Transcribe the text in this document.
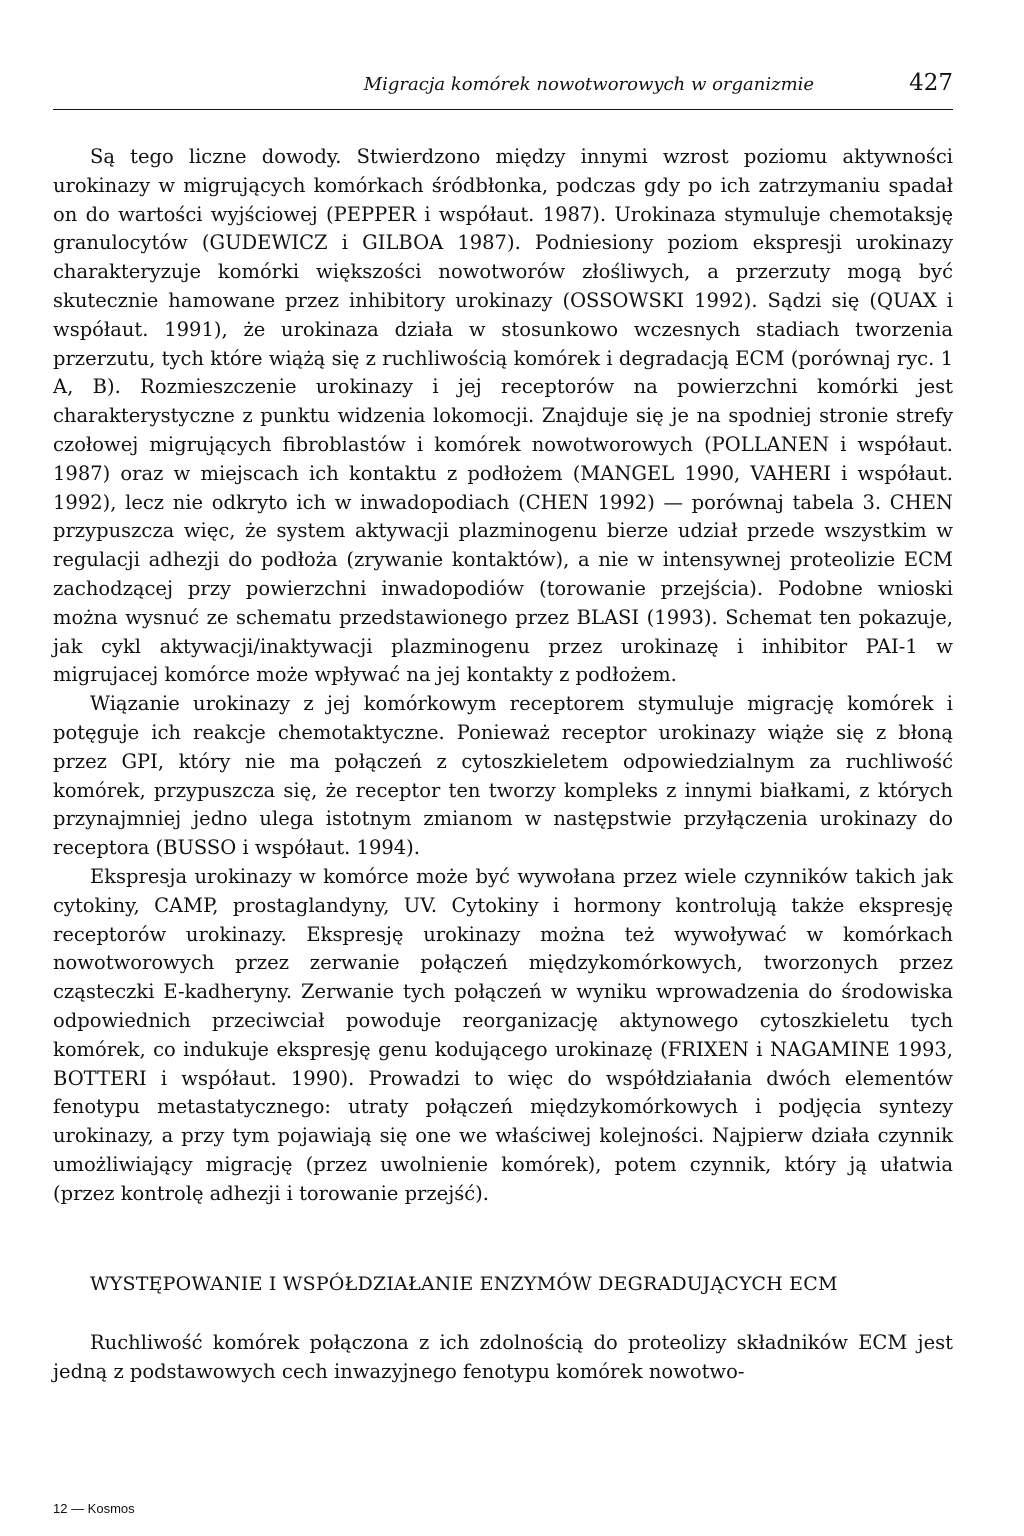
Migracja komórek nowotworowych w organizmie	427

Są tego liczne dowody. Stwierdzono między innymi wzrost poziomu aktywności urokinazy w migrujących komórkach śródbłonka, podczas gdy po ich zatrzymaniu spadał on do wartości wyjściowej (PEPPER i współaut. 1987). Urokinaza stymuluje chemotaksję granulocytów (GUDEWICZ i GILBOA 1987). Podniesiony poziom ekspresji urokinazy charakteryzuje komórki większości nowotworów złośliwych, a przerzuty mogą być skutecznie hamowane przez inhibitory urokinazy (OSSOWSKI 1992). Sądzi się (QUAX i współaut. 1991), że urokinaza działa w stosunkowo wczesnych stadiach tworzenia przerzutu, tych które wiążą się z ruchliwością komórek i degradacją ECM (porównaj ryc. 1 A, B). Rozmieszczenie urokinazy i jej receptorów na powierzchni komórki jest charakterystyczne z punktu widzenia lokomocji. Znajduje się je na spodniej stronie strefy czołowej migrujących fibroblastów i komórek nowotworowych (POLLANEN i współaut. 1987) oraz w miejscach ich kontaktu z podłożem (MANGEL 1990, VAHERI i współaut. 1992), lecz nie odkryto ich w inwadopodiach (CHEN 1992) — porównaj tabela 3. CHEN przypuszcza więc, że system aktywacji plazminogenu bierze udział przede wszystkim w regulacji adhezji do podłoża (zrywanie kontaktów), a nie w intensywnej proteolizie ECM zachodzącej przy powierzchni inwadopodiów (torowanie przejścia). Podobne wnioski można wysnuć ze schematu przedstawionego przez BLASI (1993). Schemat ten pokazuje, jak cykl aktywacji/inaktywacji plazminogenu przez urokinazę i inhibitor PAI-1 w migrujacej komórce może wpływać na jej kontakty z podłożem.

Wiązanie urokinazy z jej komórkowym receptorem stymuluje migrację komórek i potęguje ich reakcje chemotaktyczne. Ponieważ receptor urokinazy wiąże się z błoną przez GPI, który nie ma połączeń z cytoszkieletem odpowiedzialnym za ruchliwość komórek, przypuszcza się, że receptor ten tworzy kompleks z innymi białkami, z których przynajmniej jedno ulega istotnym zmianom w następstwie przyłączenia urokinazy do receptora (BUSSO i współaut. 1994).

Ekspresja urokinazy w komórce może być wywołana przez wiele czynników takich jak cytokiny, CAMP, prostaglandyny, UV. Cytokiny i hormony kontrolują także ekspresję receptorów urokinazy. Ekspresję urokinazy można też wywoływać w komórkach nowotworowych przez zerwanie połączeń międzykomórkowych, tworzonych przez cząsteczki E-kadheryny. Zerwanie tych połączeń w wyniku wprowadzenia do środowiska odpowiednich przeciwciał powoduje reorganizację aktynowego cytoszkieletu tych komórek, co indukuje ekspresję genu kodującego urokinazę (FRIXEN i NAGAMINE 1993, BOTTERI i współaut. 1990). Prowadzi to więc do współdziałania dwóch elementów fenotypu metastatycznego: utraty połączeń międzykomórkowych i podjęcia syntezy urokinazy, a przy tym pojawiają się one we właściwej kolejności. Najpierw działa czynnik umożliwiający migrację (przez uwolnienie komórek), potem czynnik, który ją ułatwia (przez kontrolę adhezji i torowanie przejść).

WYSTĘPOWANIE I WSPÓŁDZIAŁANIE ENZYMÓW DEGRADUJĄCYCH ECM

Ruchliwość komórek połączona z ich zdolnością do proteolizy składników ECM jest jedną z podstawowych cech inwazyjnego fenotypu komórek nowotwo-

12 — Kosmos
